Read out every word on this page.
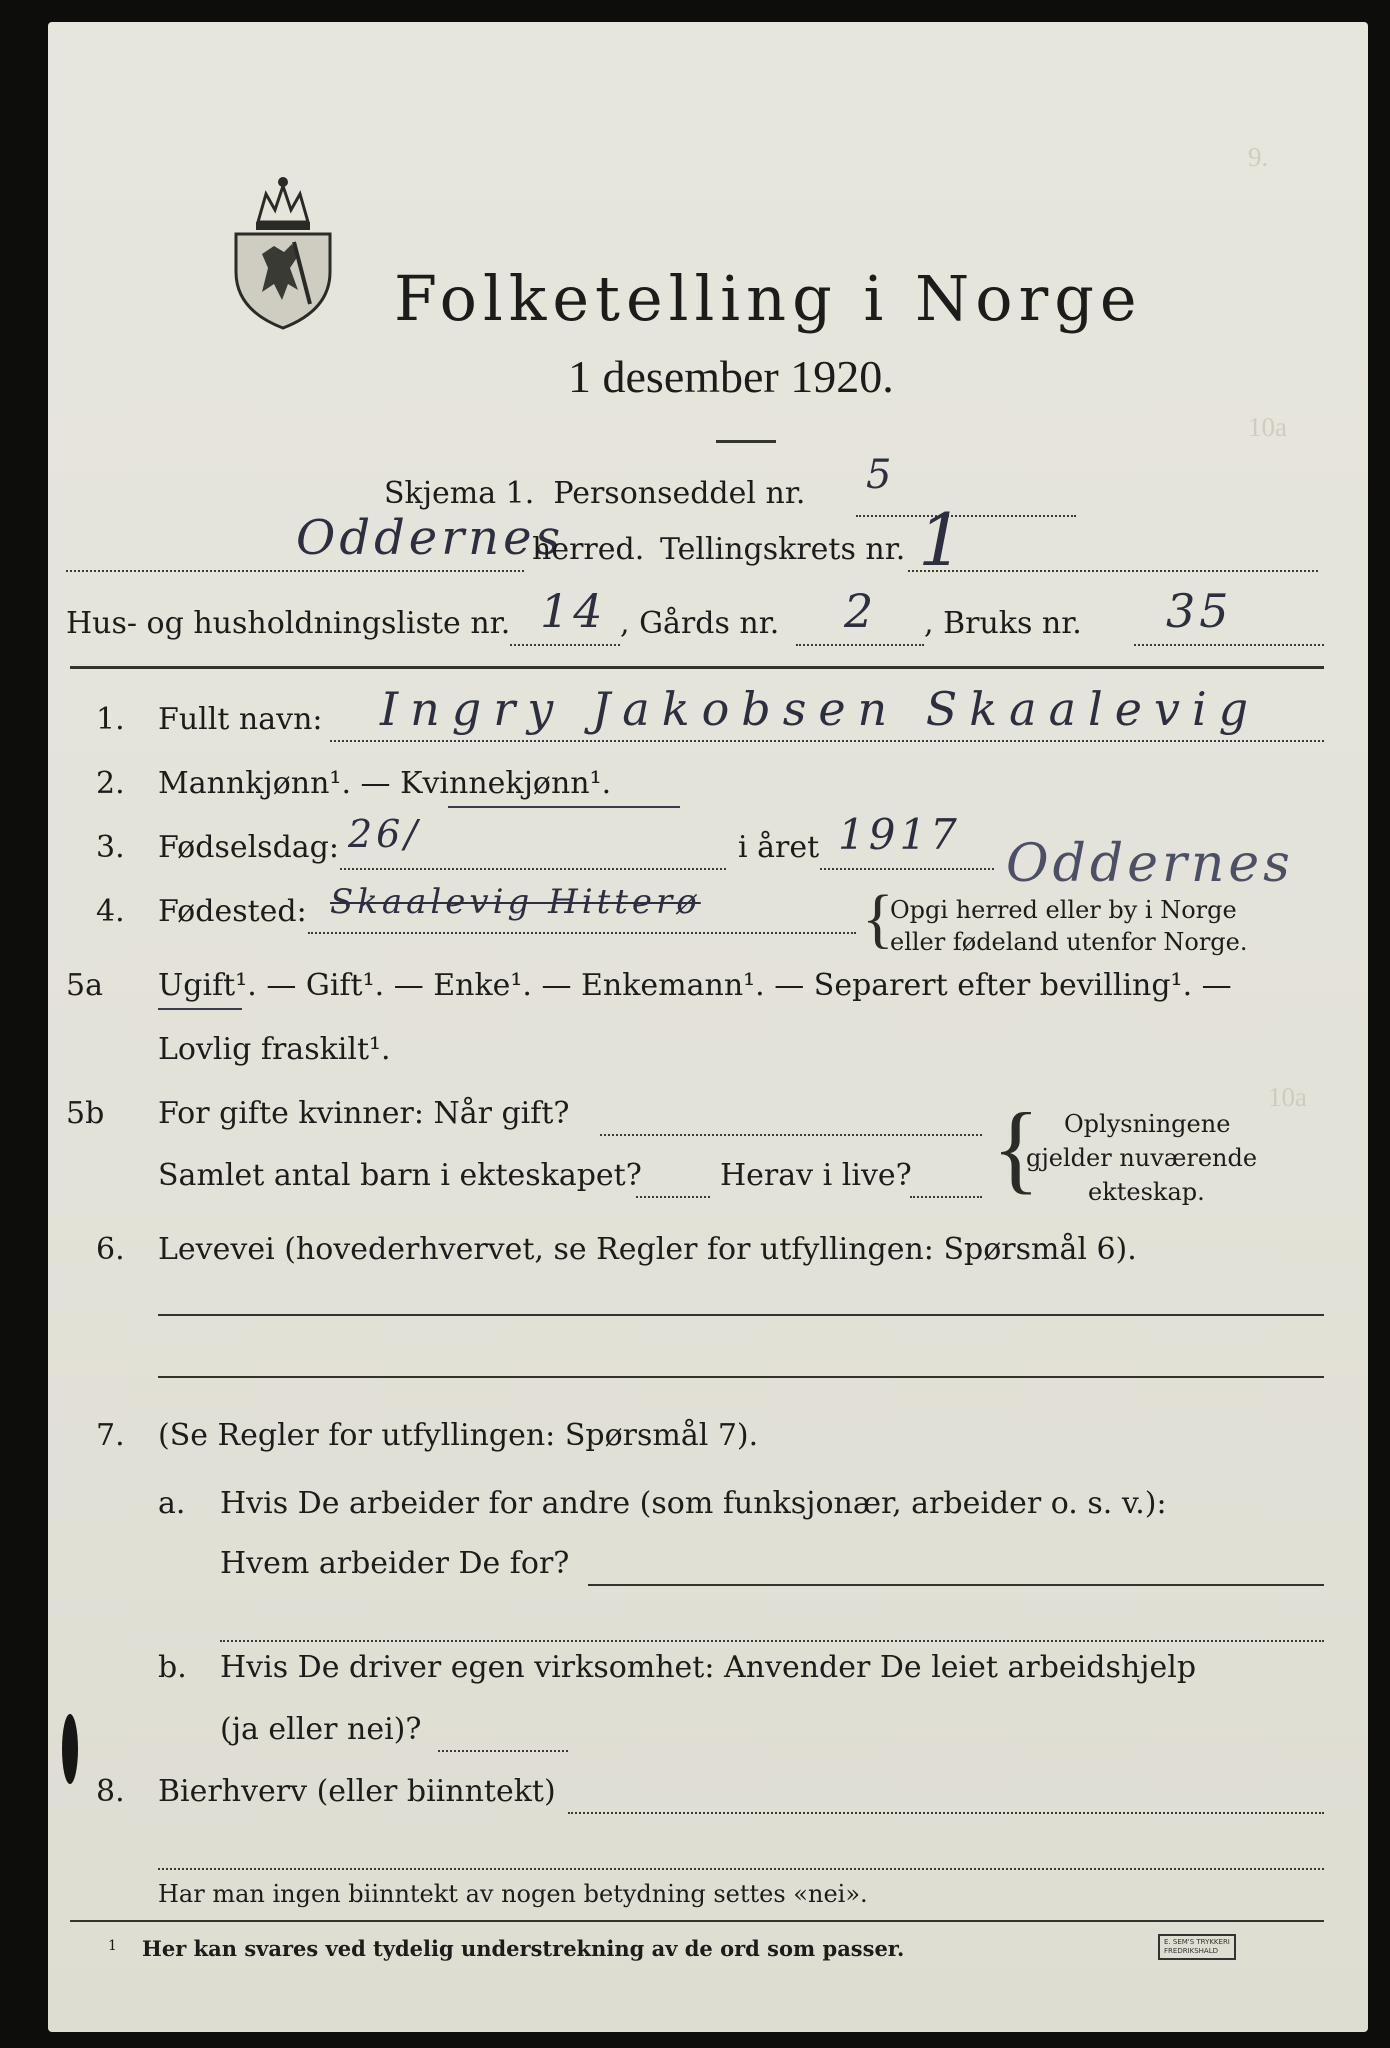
9.
10a
10a
Folketelling i Norge
1 desember 1920.
Skjema 1. Personseddel nr. 5
Oddernes
herred. Tellingskrets nr. 1
Hus- og husholdningsliste nr. 14 , Gårds nr. 2 , Bruks nr. 35
1. Fullt navn: Ingry Jakobsen Skaalevig
2. Mannkjønn¹. — Kvinnekjønn¹.
3. Fødselsdag: 26/	i året 1917
4. Fødested: Skaalevig Hitterø
Oddernes
{
Opgi herred eller by i Norge
eller fødeland utenfor Norge.
5a Ugift¹. — Gift¹. — Enke¹. — Enkemann¹. — Separert efter bevilling¹. —
Lovlig fraskilt¹.
5b For gifte kvinner: Når gift?
Samlet antal barn i ekteskapet?	Herav i live? { Oplysningene
gjelder nuværende
ekteskap.
6. Levevei (hovederhvervet, se Regler for utfyllingen: Spørsmål 6).
7. (Se Regler for utfyllingen: Spørsmål 7).
a. Hvis De arbeider for andre (som funksjonær, arbeider o. s. v.):
Hvem arbeider De for?
b. Hvis De driver egen virksomhet: Anvender De leiet arbeidshjelp
(ja eller nei)?
8. Bierhverv (eller biinntekt)
Har man ingen biinntekt av nogen betydning settes «nei».
1 Her kan svares ved tydelig understrekning av de ord som passer.	E. SEM'S TRYKKERI
FREDRIKSHALD
